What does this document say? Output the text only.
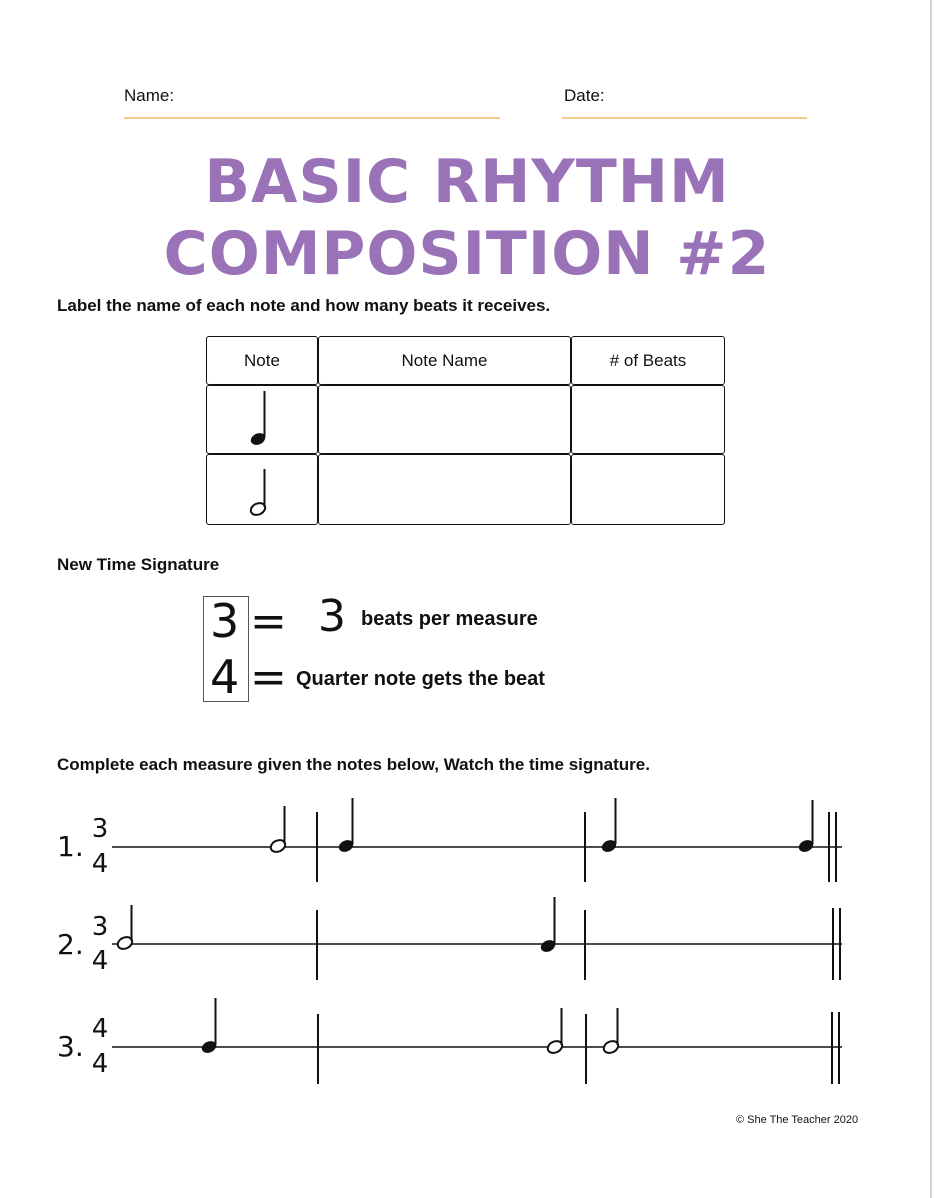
Name:	Date:
BASIC RHYTHM
COMPOSITION #2
Label the name of each note and how many beats it receives.
Note	Note Name	# of Beats

New Time Signature
3
4
=
=
3 beats per measure
Quarter note gets the beat
Complete each measure given the notes below, Watch the time signature.
1.
3
4
2.
3
4
3.
4
4
© She The Teacher 2020
